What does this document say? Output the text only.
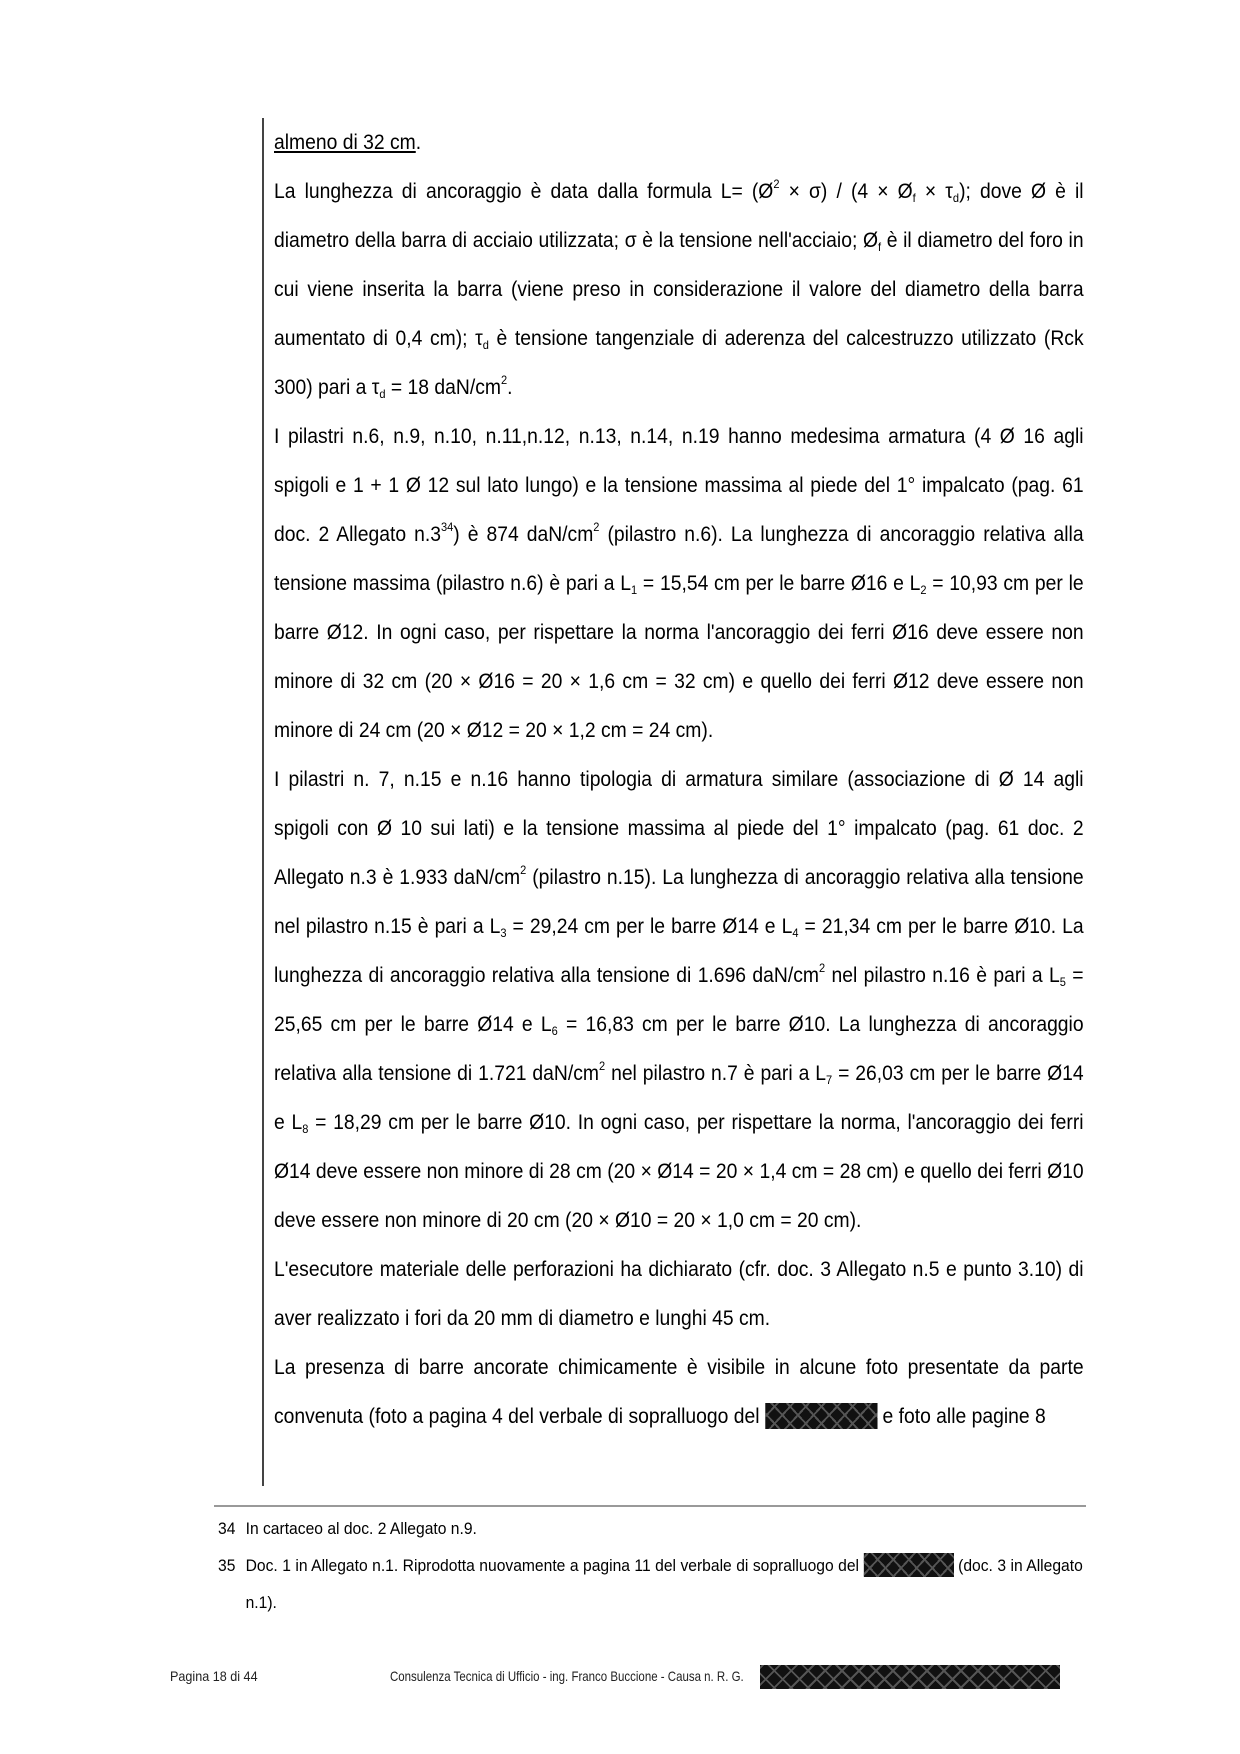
almeno di 32 cm.

La lunghezza di ancoraggio è data dalla formula $L= (Ø^2 \times \sigma) / (4$ × $Ø_f \times \tau_d$); dove Ø è il diametro della barra di acciaio utilizzata; σ è la tensione nell'acciaio; $Ø_f$ è il diametro del foro in cui viene inserita la barra (viene preso in considerazione il valore del diametro della barra aumentato di 0,4 cm); $\tau_d$ è tensione tangenziale di aderenza del calcestruzzo utilizzato (Rck 300) pari a $\tau_d = 18$ daN/$cm^2$.

I pilastri n.6, n.9, n.10, n.11,n.12, n.13, n.14, n.19 hanno medesima armatura (4 Ø 16 agli spigoli e 1 + 1 Ø 12 sul lato lungo) e la tensione massima al piede del 1° impalcato (pag. 61 doc. 2 Allegato $n.3^{34}$) è 874 daN/$cm^2$ (pilastro n.6). La lunghezza di ancoraggio relativa alla tensione massima (pilastro n.6) è pari a $L_1 = 15,54$ cm per le barre Ø16 e $L_2 = 10,93$ cm per le barre Ø12. In ogni caso, per rispettare la norma l'ancoraggio dei ferri Ø16 deve essere non minore di 32 cm (20 × Ø16 = 20 × 1,6 cm = 32 cm) e quello dei ferri Ø12 deve essere non minore di 24 cm (20 × Ø12 = 20 × 1,2 cm = 24 cm).

I pilastri n. 7, n.15 e n.16 hanno tipologia di armatura similare (associazione di Ø 14 agli spigoli con Ø 10 sui lati) e la tensione massima al piede del 1° impalcato (pag. 61 doc. 2 Allegato n.3 è 1.933 daN/$cm^2$ (pilastro n.15). La lunghezza di ancoraggio relativa alla tensione nel pilastro n.15 è pari a $L_3 = 29,24$ cm per le barre Ø14 e $L_4 = 21,34$ cm per le barre Ø10. La lunghezza di ancoraggio relativa alla tensione di 1.696 daN/$cm^2$ nel pilastro n.16 è pari a $L_5 = 25,65$ cm per le barre Ø14 e $L_6 = 16,83$ cm per le barre Ø10. La lunghezza di ancoraggio relativa alla tensione di 1.721 daN/$cm^2$ nel pilastro n.7 è pari a $L_7 = 26,03$ cm per le barre Ø14 e $L_8 = 18,29$ cm per le barre Ø10. In ogni caso, per rispettare la norma, l'ancoraggio dei ferri Ø14 deve essere non minore di 28 cm (20 × Ø14 = 20 × 1,4 cm = 28 cm) e quello dei ferri Ø10 deve essere non minore di 20 cm (20 × Ø10 = 20 × 1,0 cm = 20 cm).

L'esecutore materiale delle perforazioni ha dichiarato (cfr. doc. 3 Allegato n.5 e punto 3.10) di aver realizzato i fori da 20 mm di diametro e lunghi 45 cm.

La presenza di barre ancorate chimicamente è visibile in alcune foto presentate da parte convenuta (foto a pagina 4 del verbale di sopralluogo del	e foto alle pagine 8

34 In cartaceo al doc. 2 Allegato n.9.
35 Doc. 1 in Allegato n.1. Riprodotta nuovamente a pagina 11 del verbale di sopralluogo del	(doc. 3 in Allegato n.1).
Pagina 18 di 44	Consulenza Tecnica di Ufficio - ing. Franco Buccione - Causa n. R. G.
